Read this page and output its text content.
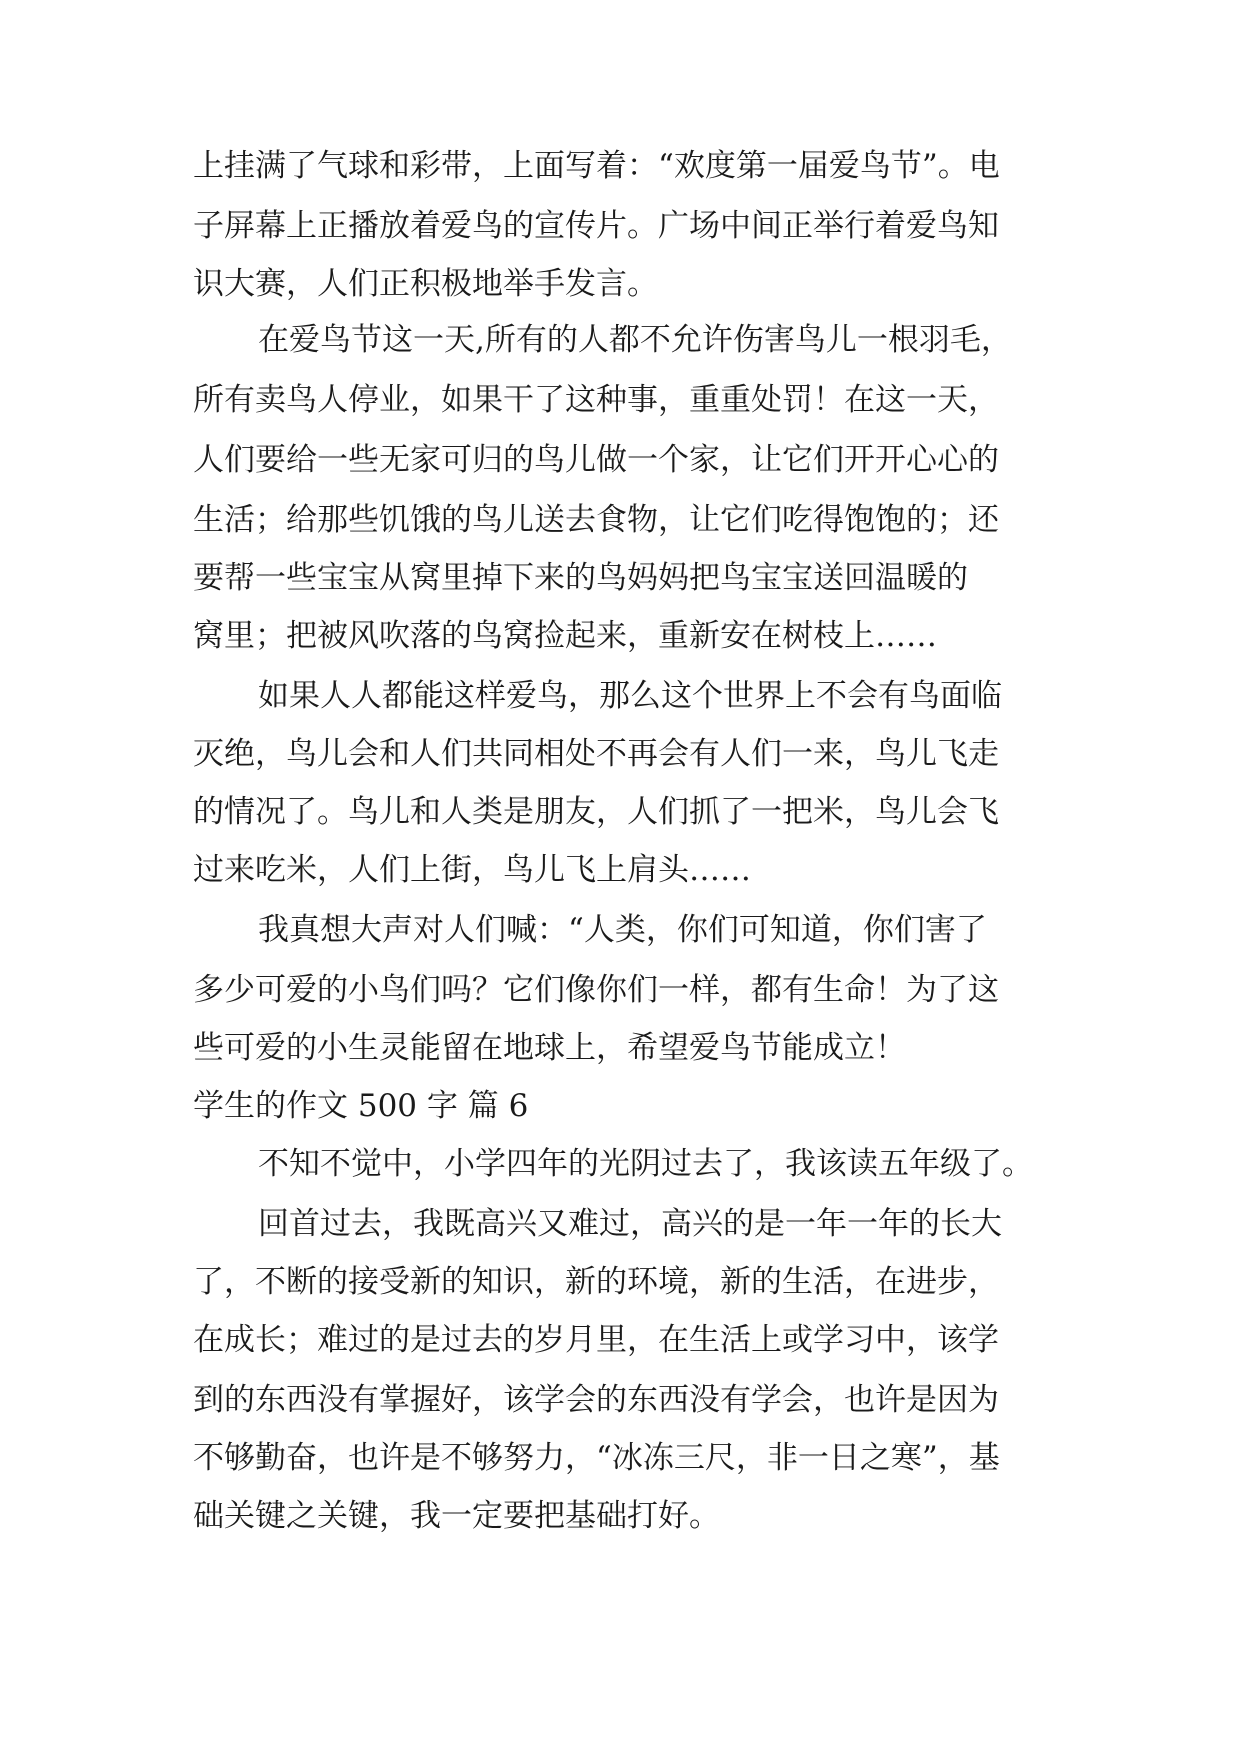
上挂满了气球和彩带，上面写着：“欢度第一届爱鸟节”。电
子屏幕上正播放着爱鸟的宣传片。广场中间正举行着爱鸟知
识大赛，人们正积极地举手发言。
在爱鸟节这一天,所有的人都不允许伤害鸟儿一根羽毛，
所有卖鸟人停业，如果干了这种事，重重处罚！在这一天，
人们要给一些无家可归的鸟儿做一个家，让它们开开心心的
生活；给那些饥饿的鸟儿送去食物，让它们吃得饱饱的；还
要帮一些宝宝从窝里掉下来的鸟妈妈把鸟宝宝送回温暖的
窝里；把被风吹落的鸟窝捡起来，重新安在树枝上……
如果人人都能这样爱鸟，那么这个世界上不会有鸟面临
灭绝，鸟儿会和人们共同相处不再会有人们一来，鸟儿飞走
的情况了。鸟儿和人类是朋友，人们抓了一把米，鸟儿会飞
过来吃米，人们上街，鸟儿飞上肩头……
我真想大声对人们喊：“人类，你们可知道，你们害了
多少可爱的小鸟们吗？它们像你们一样，都有生命！为了这
些可爱的小生灵能留在地球上，希望爱鸟节能成立！
学生的作文 500 字 篇 6
不知不觉中，小学四年的光阴过去了，我该读五年级了。
回首过去，我既高兴又难过，高兴的是一年一年的长大
了，不断的接受新的知识，新的环境，新的生活，在进步，
在成长；难过的是过去的岁月里，在生活上或学习中，该学
到的东西没有掌握好，该学会的东西没有学会，也许是因为
不够勤奋，也许是不够努力，“冰冻三尺，非一日之寒”，基
础关键之关键，我一定要把基础打好。
